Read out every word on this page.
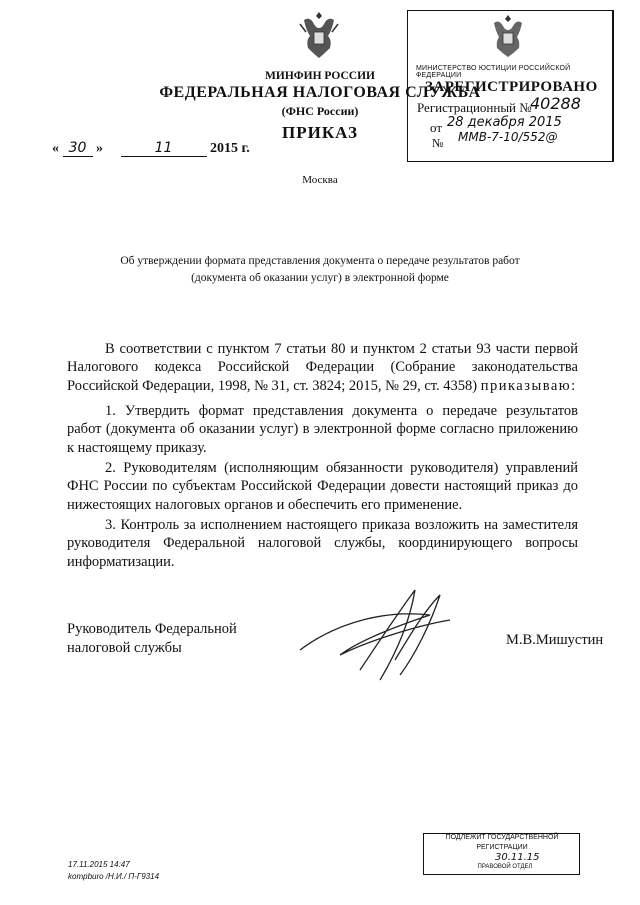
МИНФИН РОССИИ
ФЕДЕРАЛЬНАЯ НАЛОГОВАЯ СЛУЖБА
(ФНС России)
ПРИКАЗ
« 30 »	11	2015 г.
Москва
МИНИСТЕРСТВО ЮСТИЦИИ РОССИЙСКОЙ ФЕДЕРАЦИИ
ЗАРЕГИСТРИРОВАНО
Регистрационный №
40288
от 28 декабря 2015
№ ММВ-7-10/552@
Об утверждении формата представления документа о передаче результатов работ (документа об оказании услуг) в электронной форме
В соответствии с пунктом 7 статьи 80 и пунктом 2 статьи 93 части первой Налогового кодекса Российской Федерации (Собрание законодательства Российской Федерации, 1998, № 31, ст. 3824; 2015, № 29, ст. 4358) приказываю:
1. Утвердить формат представления документа о передаче результатов работ (документа об оказании услуг) в электронной форме согласно приложению к настоящему приказу.
2. Руководителям (исполняющим обязанности руководителя) управлений ФНС России по субъектам Российской Федерации довести настоящий приказ до нижестоящих налоговых органов и обеспечить его применение.
3. Контроль за исполнением настоящего приказа возложить на заместителя руководителя Федеральной налоговой службы, координирующего вопросы информатизации.
Руководитель Федеральной
налоговой службы	М.В.Мишустин
ПОДЛЕЖИТ ГОСУДАРСТВЕННОЙ
РЕГИСТРАЦИИ
30.11.15
ПРАВОВОЙ ОТДЕЛ
17.11.2015 14:47
kompburo /Н.И./ П-Г9314
